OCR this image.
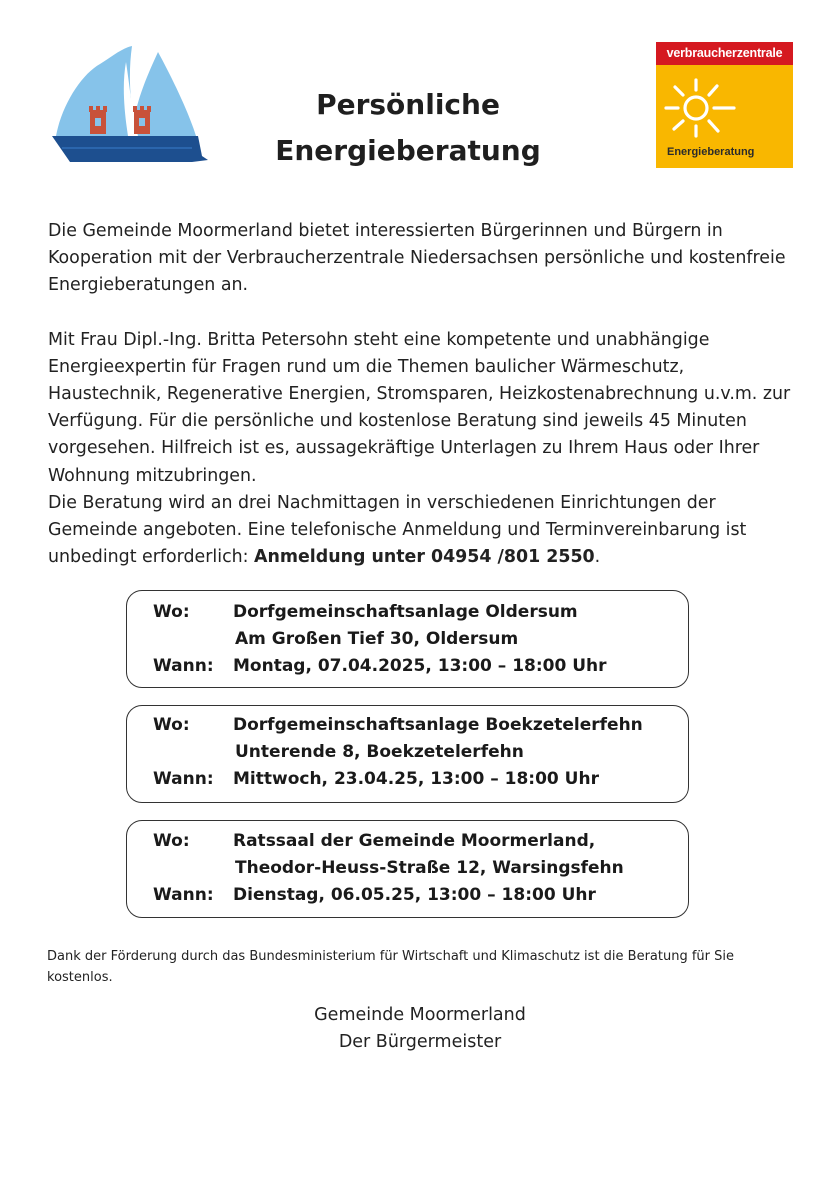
Persönliche
Energieberatung
verbraucherzentrale
Energieberatung

Die Gemeinde Moormerland bietet interessierten Bürgerinnen und Bürgern in Kooperation mit der Verbraucherzentrale Niedersachsen persönliche und kostenfreie Energieberatungen an.

Mit Frau Dipl.-Ing. Britta Petersohn steht eine kompetente und unabhängige Energieexpertin für Fragen rund um die Themen baulicher Wärmeschutz, Haustechnik, Regenerative Energien, Stromsparen, Heizkostenabrechnung u.v.m. zur Verfügung. Für die persönliche und kostenlose Beratung sind jeweils 45 Minuten vorgesehen. Hilfreich ist es, aussagekräftige Unterlagen zu Ihrem Haus oder Ihrer Wohnung mitzubringen.

Die Beratung wird an drei Nachmittagen in verschiedenen Einrichtungen der Gemeinde angeboten. Eine telefonische Anmeldung und Terminvereinbarung ist unbedingt erforderlich: Anmeldung unter 04954 /801 2550.

Wo:	Dorfgemeinschaftsanlage Oldersum
Am Großen Tief 30, Oldersum
Wann: Montag, 07.04.2025, 13:00 – 18:00 Uhr
Wo:	Dorfgemeinschaftsanlage Boekzetelerfehn
Unterende 8, Boekzetelerfehn
Wann: Mittwoch, 23.04.25, 13:00 – 18:00 Uhr
Wo:	Ratssaal der Gemeinde Moormerland,
Theodor-Heuss-Straße 12, Warsingsfehn
Wann: Dienstag, 06.05.25, 13:00 – 18:00 Uhr
Dank der Förderung durch das Bundesministerium für Wirtschaft und Klimaschutz ist die Beratung für Sie kostenlos.
Gemeinde Moormerland
Der Bürgermeister
